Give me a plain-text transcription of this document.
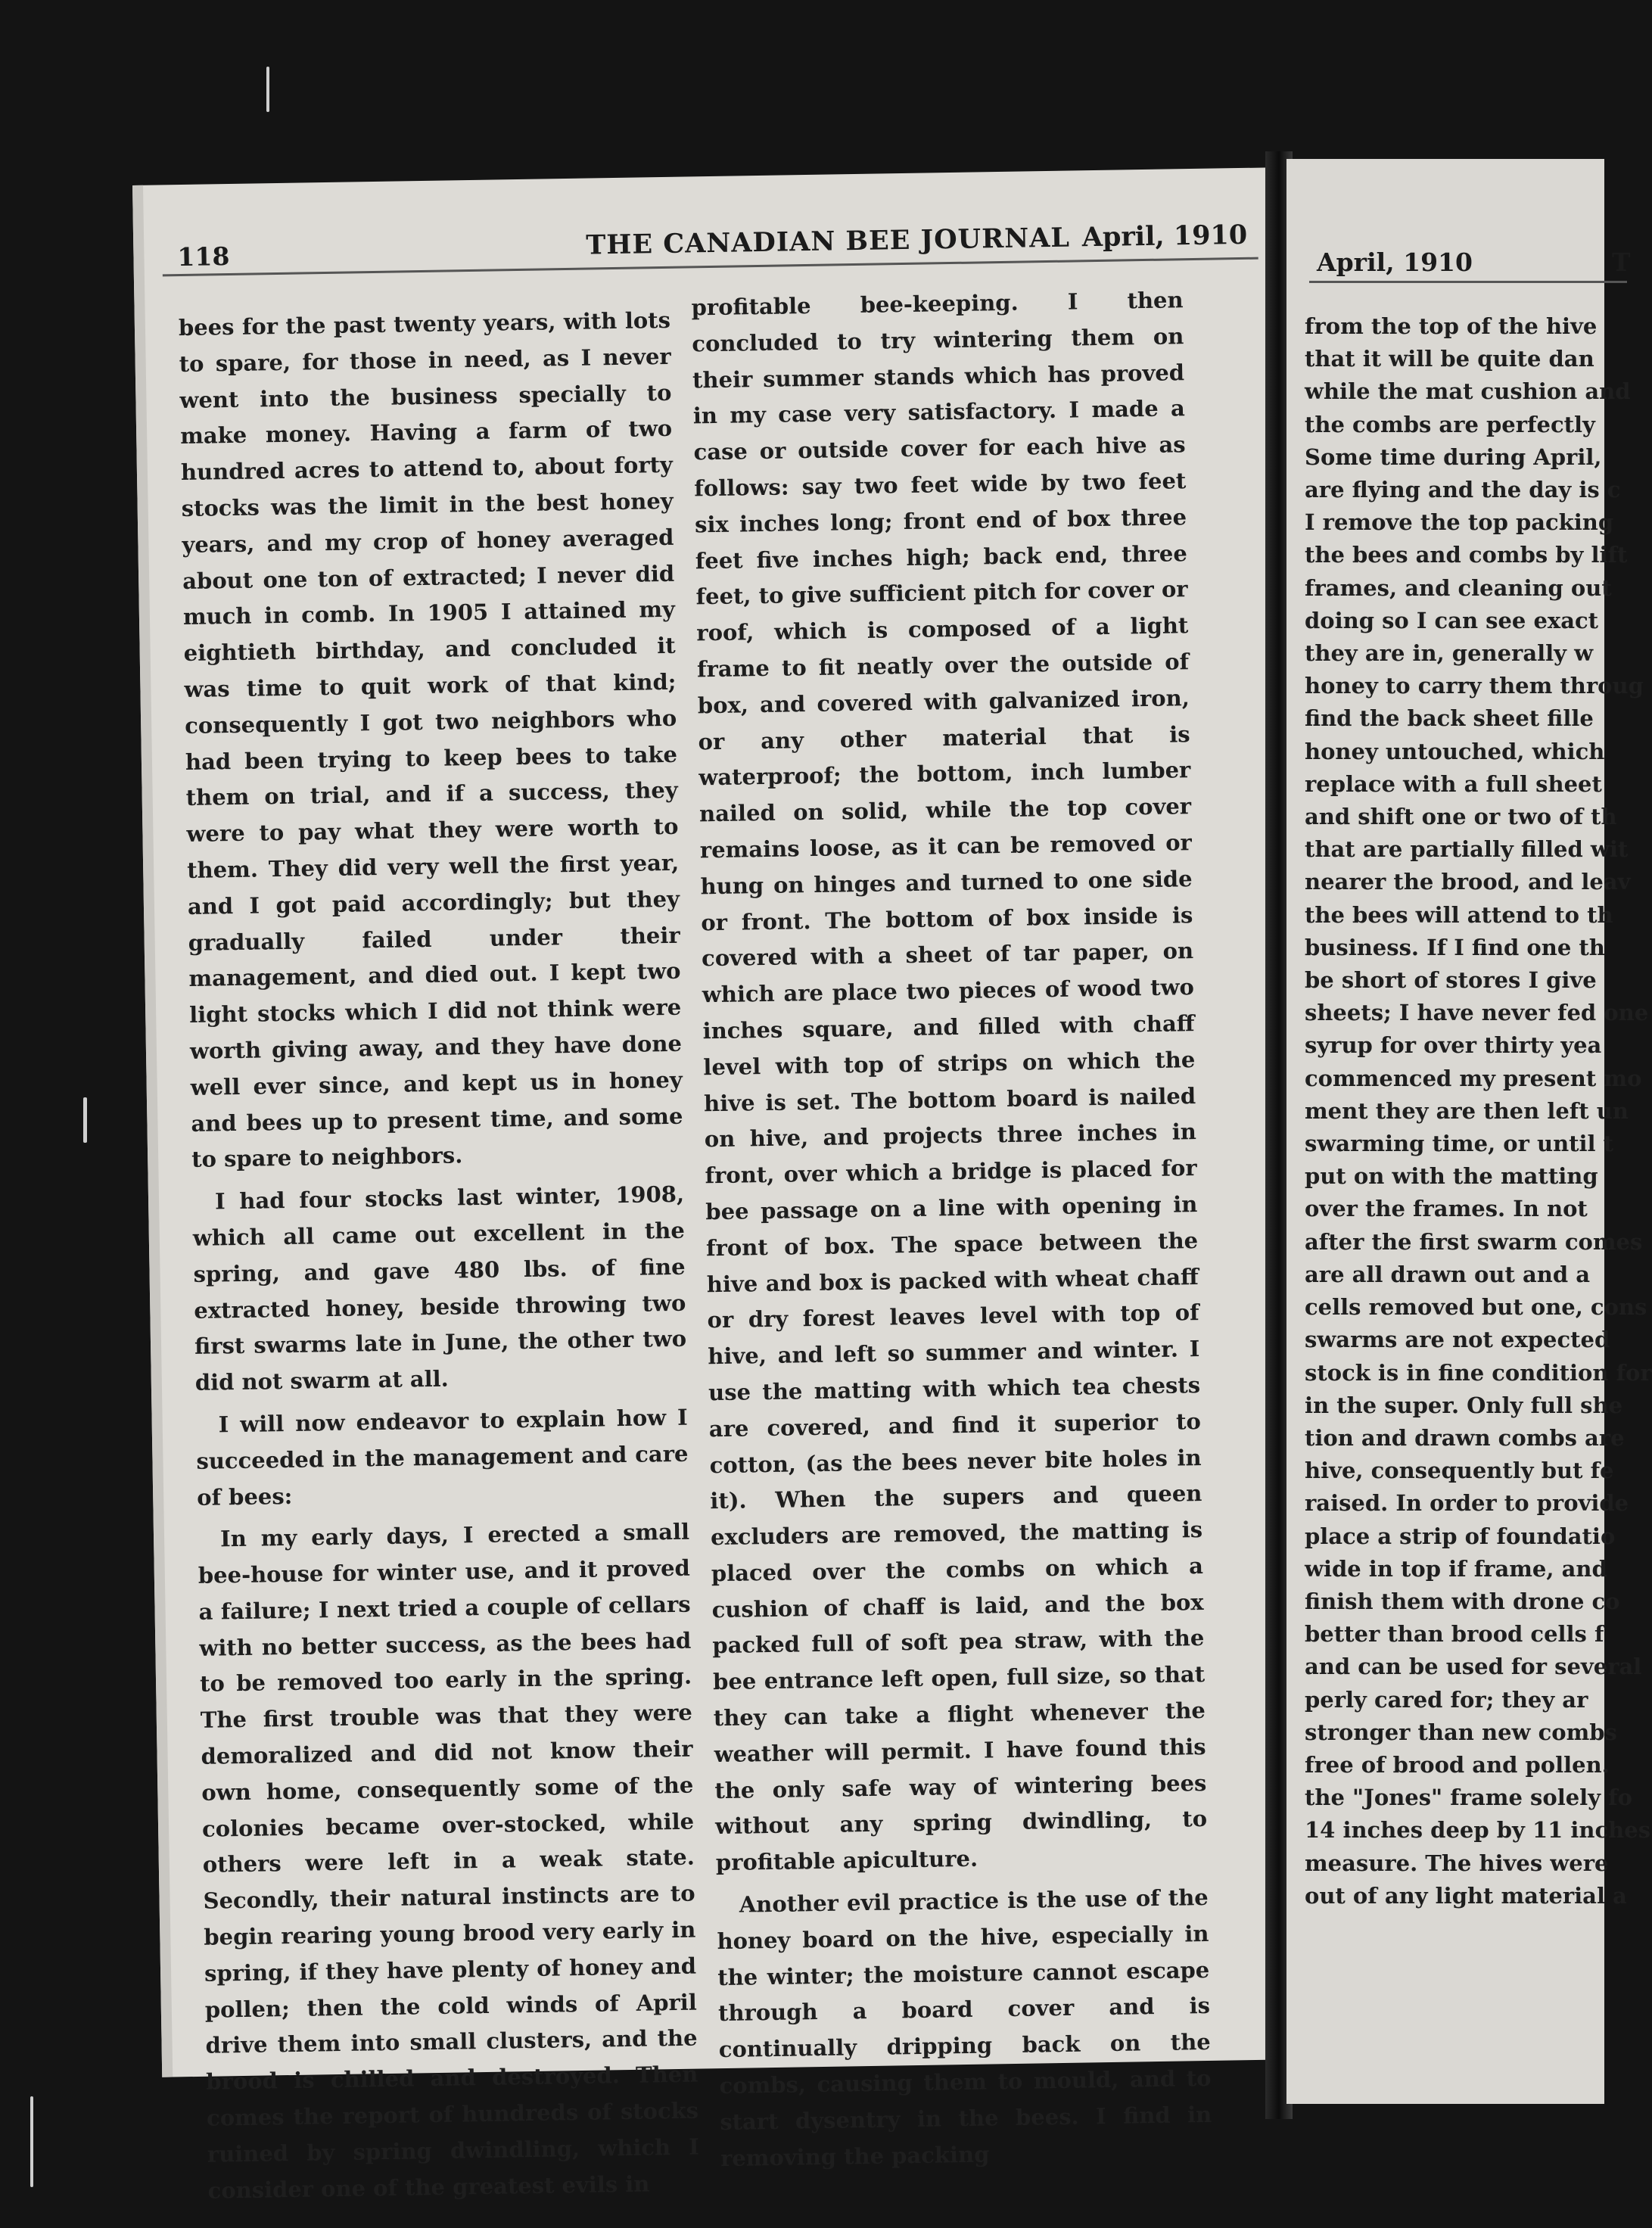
118	THE CANADIAN BEE JOURNAL April, 1910

bees for the past twenty years, with lots to spare, for those in need, as I never went into the business specially to make money. Having a farm of two hundred acres to attend to, about forty stocks was the limit in the best honey years, and my crop of honey averaged about one ton of extracted; I never did much in comb. In 1905 I attained my eightieth birthday, and concluded it was time to quit work of that kind; consequently I got two neighbors who had been trying to keep bees to take them on trial, and if a success, they were to pay what they were worth to them. They did very well the first year, and I got paid accordingly; but they gradually failed under their management, and died out. I kept two light stocks which I did not think were worth giving away, and they have done well ever since, and kept us in honey and bees up to present time, and some to spare to neighbors.

I had four stocks last winter, 1908, which all came out excellent in the spring, and gave 480 lbs. of fine extracted honey, beside throwing two first swarms late in June, the other two did not swarm at all.

I will now endeavor to explain how I succeeded in the management and care of bees:

In my early days, I erected a small bee-house for winter use, and it proved a failure; I next tried a couple of cellars with no better success, as the bees had to be removed too early in the spring. The first trouble was that they were demoralized and did not know their own home, consequently some of the colonies became over-stocked, while others were left in a weak state. Secondly, their natural instincts are to begin rearing young brood very early in spring, if they have plenty of honey and pollen; then the cold winds of April drive them into small clusters, and the brood is chilled and destroyed. Then comes the report of hundreds of stocks ruined by spring dwindling, which I consider one of the greatest evils in

profitable bee-keeping. I then concluded to try wintering them on their summer stands which has proved in my case very satisfactory. I made a case or outside cover for each hive as follows: say two feet wide by two feet six inches long; front end of box three feet five inches high; back end, three feet, to give sufficient pitch for cover or roof, which is composed of a light frame to fit neatly over the outside of box, and covered with galvanized iron, or any other material that is waterproof; the bottom, inch lumber nailed on solid, while the top cover remains loose, as it can be removed or hung on hinges and turned to one side or front. The bottom of box inside is covered with a sheet of tar paper, on which are place two pieces of wood two inches square, and filled with chaff level with top of strips on which the hive is set. The bottom board is nailed on hive, and projects three inches in front, over which a bridge is placed for bee passage on a line with opening in front of box. The space between the hive and box is packed with wheat chaff or dry forest leaves level with top of hive, and left so summer and winter. I use the matting with which tea chests are covered, and find it superior to cotton, (as the bees never bite holes in it). When the supers and queen excluders are removed, the matting is placed over the combs on which a cushion of chaff is laid, and the box packed full of soft pea straw, with the bee entrance left open, full size, so that they can take a flight whenever the weather will permit. I have found this the only safe way of wintering bees without any spring dwindling, to profitable apiculture.

Another evil practice is the use of the honey board on the hive, especially in the winter; the moisture cannot escape through a board cover and is continually dripping back on the combs, causing them to mould, and to start dysentry in the bees. I find in removing the packing

April, 1910	T
from the top of the hive
that it will be quite dan
while the mat cushion and
the combs are perfectly
Some time during April,
are flying and the day is c
I remove the top packing
the bees and combs by lift
frames, and cleaning out
doing so I can see exact
they are in, generally w
honey to carry them throug
find the back sheet fille
honey untouched, which
replace with a full sheet
and shift one or two of th
that are partially filled wit
nearer the brood, and leav
the bees will attend to th
business. If I find one th
be short of stores I give
sheets; I have never fed one
syrup for over thirty yea
commenced my present mo
ment they are then left un
swarming time, or until t
put on with the matting
over the frames. In not
after the first swarm comes
are all drawn out and a
cells removed but one, cons
swarms are not expected
stock is in fine condition for
in the super. Only full she
tion and drawn combs are
hive, consequently but fe
raised. In order to provide
place a strip of foundatio
wide in top if frame, and
finish them with drone co
better than brood cells f
and can be used for several
perly cared for; they ar
stronger than new combs
free of brood and pollen.
the "Jones" frame solely fo
14 inches deep by 11 inches
measure. The hives were
out of any light material a
